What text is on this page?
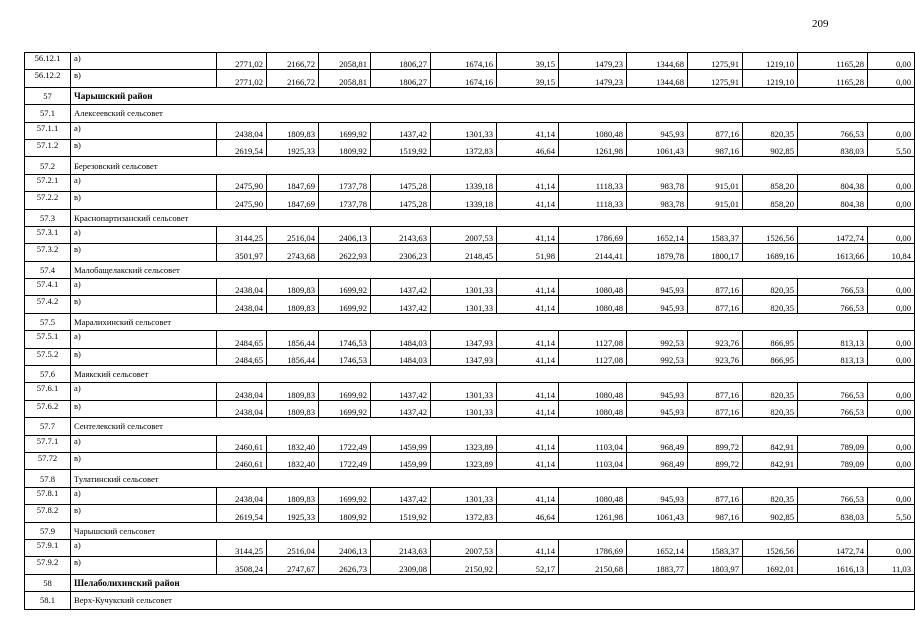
209
56.12.1	а)	2771,02	2166,72	2058,81	1806,27	1674,16	39,15	1479,23	1344,68	1275,91	1219,10	1165,28	0,00
56.12.2	в)	2771,02	2166,72	2058,81	1806,27	1674,16	39,15	1479,23	1344,68	1275,91	1219,10	1165,28	0,00
57	Чарышский район												
57.1	Алексеевский сельсовет												
57.1.1	а)	2438,04	1809,83	1699,92	1437,42	1301,33	41,14	1080,48	945,93	877,16	820,35	766,53	0,00
57.1.2	в)	2619,54	1925,33	1809,92	1519,92	1372,83	46,64	1261,98	1061,43	987,16	902,85	838,03	5,50
57.2	Березовский сельсовет												
57.2.1	а)	2475,90	1847,69	1737,78	1475,28	1339,18	41,14	1118,33	983,78	915,01	858,20	804,38	0,00
57.2.2	в)	2475,90	1847,69	1737,78	1475,28	1339,18	41,14	1118,33	983,78	915,01	858,20	804,38	0,00
57.3	Краснопартизанский сельсовет												
57.3.1	а)	3144,25	2516,04	2406,13	2143,63	2007,53	41,14	1786,69	1652,14	1583,37	1526,56	1472,74	0,00
57.3.2	в)	3501,97	2743,68	2622,93	2306,23	2148,45	51,98	2144,41	1879,78	1800,17	1689,16	1613,66	10,84
57.4	Малобащелакский сельсовет												
57.4.1	а)	2438,04	1809,83	1699,92	1437,42	1301,33	41,14	1080,48	945,93	877,16	820,35	766,53	0,00
57.4.2	в)	2438,04	1809,83	1699,92	1437,42	1301,33	41,14	1080,48	945,93	877,16	820,35	766,53	0,00
57.5	Маралихинский сельсовет												
57.5.1	а)	2484,65	1856,44	1746,53	1484,03	1347,93	41,14	1127,08	992,53	923,76	866,95	813,13	0,00
57.5.2	в)	2484,65	1856,44	1746,53	1484,03	1347,93	41,14	1127,08	992,53	923,76	866,95	813,13	0,00
57.6	Маякский сельсовет												
57.6.1	а)	2438,04	1809,83	1699,92	1437,42	1301,33	41,14	1080,48	945,93	877,16	820,35	766,53	0,00
57.6.2	в)	2438,04	1809,83	1699,92	1437,42	1301,33	41,14	1080,48	945,93	877,16	820,35	766,53	0,00
57.7	Сентелекский сельсовет												
57.7.1	а)	2460,61	1832,40	1722,49	1459,99	1323,89	41,14	1103,04	968,49	899,72	842,91	789,09	0,00
57.72	в)	2460,61	1832,40	1722,49	1459,99	1323,89	41,14	1103,04	968,49	899,72	842,91	789,09	0,00
57.8	Тулатинский сельсовет												
57.8.1	а)	2438,04	1809,83	1699,92	1437,42	1301,33	41,14	1080,48	945,93	877,16	820,35	766,53	0,00
57.8.2	в)	2619,54	1925,33	1809,92	1519,92	1372,83	46,64	1261,98	1061,43	987,16	902,85	838,03	5,50
57.9	Чарышский сельсовет												
57.9.1	а)	3144,25	2516,04	2406,13	2143,63	2007,53	41,14	1786,69	1652,14	1583,37	1526,56	1472,74	0,00
57.9.2	в)	3508,24	2747,67	2626,73	2309,08	2150,92	52,17	2150,68	1883,77	1803,97	1692,01	1616,13	11,03
58	Шелаболихинский район												
58.1	Верх-Кучукский сельсовет												
